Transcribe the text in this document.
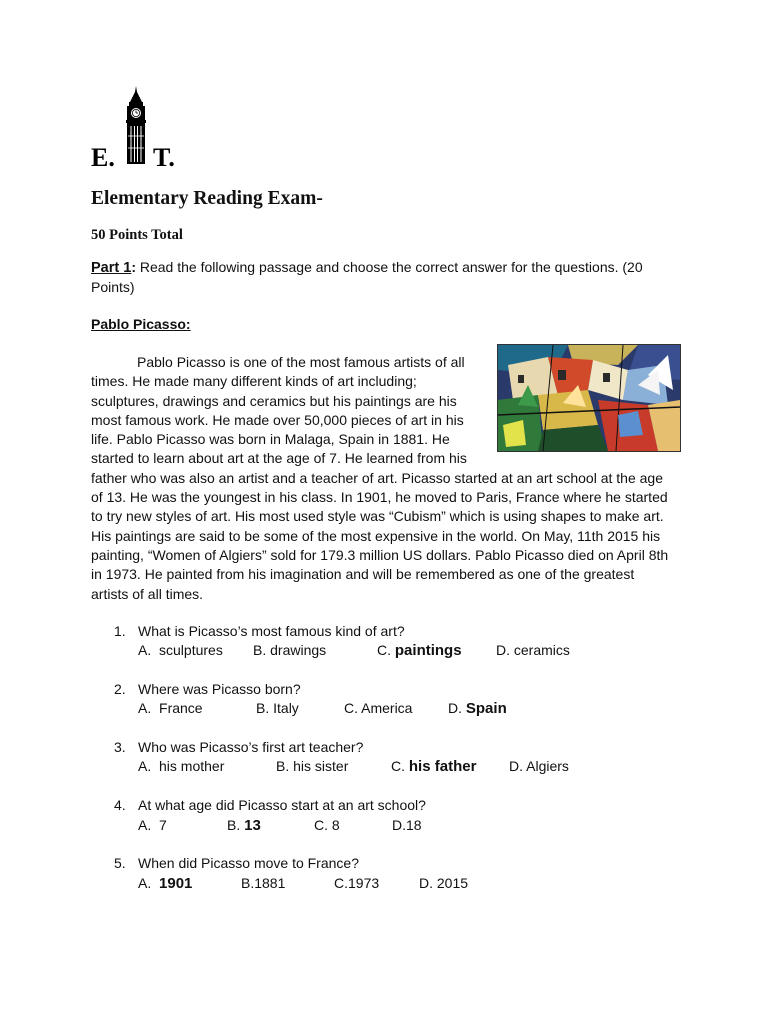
E. T.
Elementary Reading Exam-
50 Points Total
Part 1: Read the following passage and choose the correct answer for the questions. (20 Points)
Pablo Picasso:

Pablo Picasso is one of the most famous artists of all times. He made many different kinds of art including; sculptures, drawings and ceramics but his paintings are his most famous work. He made over 50,000 pieces of art in his life. Pablo Picasso was born in Malaga, Spain in 1881. He started to learn about art at the age of 7. He learned from his father who was also an artist and a teacher of art. Picasso started at an art school at the age of 13. He was the youngest in his class. In 1901, he moved to Paris, France where he started to try new styles of art. His most used style was “Cubism” which is using shapes to make art. His paintings are said to be some of the most expensive in the world. On May, 11th 2015 his painting, “Women of Algiers” sold for 179.3 million US dollars. Pablo Picasso died on April 8th in 1973. He painted from his imagination and will be remembered as one of the greatest artists of all times.

1. What is Picasso’s most famous kind of art?
A.  sculptures	B. drawings	C. paintings	D. ceramics
2. Where was Picasso born?
A.  France	B. Italy	C. America	D. Spain
3. Who was Picasso’s first art teacher?
A.  his mother	B. his sister	C. his father	D. Algiers
4. At what age did Picasso start at an art school?
A.  7	B. 13	C. 8	D.18
5. When did Picasso move to France?
A.  1901	B.1881	C.1973	D. 2015
